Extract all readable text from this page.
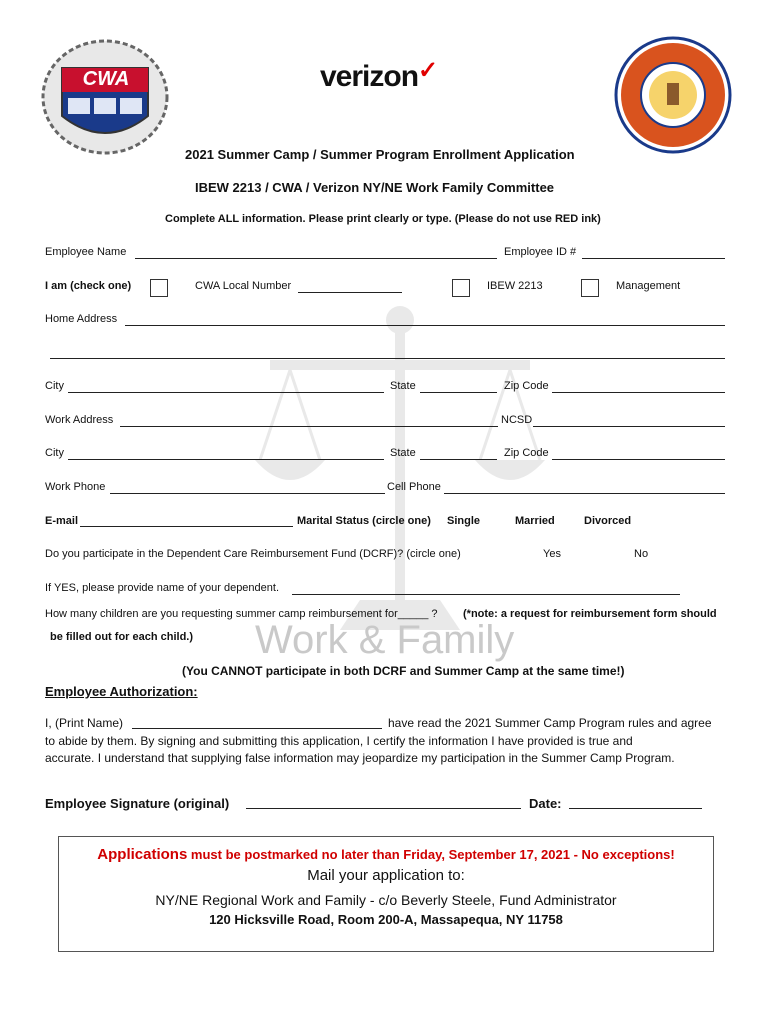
CWA	verizon✓
Work & Family
2021 Summer Camp / Summer Program Enrollment Application
IBEW 2213 / CWA / Verizon NY/NE Work Family Committee
Complete ALL information. Please print clearly or type. (Please do not use RED ink)
Employee Name	Employee ID #
I am (check one)	CWA Local Number	IBEW 2213	Management
Home Address
City	State	Zip Code
Work Address	NCSD
City	State	Zip Code
Work Phone	Cell Phone
E-mail	Marital Status (circle one) Single	Married	Divorced
Do you participate in the Dependent Care Reimbursement Fund (DCRF)? (circle one)	Yes	No
If YES, please provide name of your dependent.
How many children are you requesting summer camp reimbursement for_____ ? (*note: a request for reimbursement form should
be filled out for each child.)
(You CANNOT participate in both DCRF and Summer Camp at the same time!)
Employee Authorization:
I, (Print Name)	have read the 2021 Summer Camp Program rules and agree
to abide by them. By signing and submitting this application, I certify the information I have provided is true and
accurate. I understand that supplying false information may jeopardize my participation in the Summer Camp Program.
Employee Signature (original)	Date:
Applications must be postmarked no later than Friday, September 17, 2021 - No exceptions!
Mail your application to:
NY/NE Regional Work and Family - c/o Beverly Steele, Fund Administrator
120 Hicksville Road, Room 200-A, Massapequa, NY 11758
